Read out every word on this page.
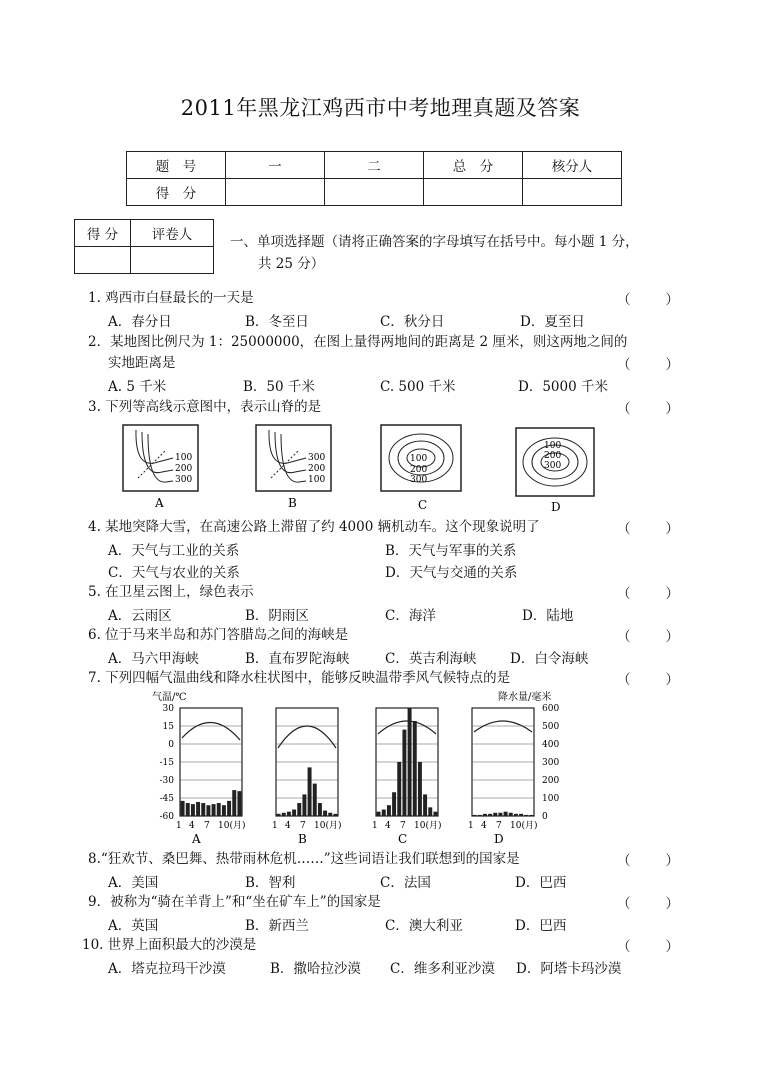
2011年黑龙江鸡西市中考地理真题及答案
题　号	一	二	总　分	核分人
得　分				
得 分	评卷人
		一、单项选择题（请将正确答案的字母填写在括号中。每小题 1 分，
共 25 分）
1. 鸡西市白昼最长的一天是	（	）
A．春分日	B．冬至日	C．秋分日	D．夏至日
2．某地图比例尺为 1：25000000，在图上量得两地间的距离是 2 厘米，则这两地之间的
实地距离是	（	）
A. 5 千米	B．50 千米	C. 500 千米	D．5000 千米
3. 下列等高线示意图中，表示山脊的是	（	）
100
200
300
A
300
200
100
B
100
200
300
C
100
200
300
D
4. 某地突降大雪，在高速公路上滞留了约 4000 辆机动车。这个现象说明了	（	）
A．天气与工业的关系	B．天气与军事的关系
C．天气与农业的关系	D．天气与交通的关系
5. 在卫星云图上，绿色表示	（	）
A．云雨区	B．阴雨区	C．海洋	D．陆地
6. 位于马来半岛和苏门答腊岛之间的海峡是	（	）
A．马六甲海峡	B．直布罗陀海峡	C．英吉利海峡 D．白令海峡
7. 下列四幅气温曲线和降水柱状图中，能够反映温带季风气候特点的是	（	）
气温/℃	降水量/毫米
30
15
0
-15
-30
-45
-60
600
500
400
300
200
100
0
1 4 7 10(月)
A
1 4 7 10(月)
B
1 4 7 10(月)
C
1 4 7 10(月)
D
8.“狂欢节、桑巴舞、热带雨林危机……”这些词语让我们联想到的国家是	（	）
A．美国	B．智利	C．法国	D．巴西
9．被称为“骑在羊背上”和“坐在矿车上”的国家是	（	）
A．英国	B．新西兰	C．澳大利亚	D．巴西
10. 世界上面积最大的沙漠是	（	）
A．塔克拉玛干沙漠	B．撒哈拉沙漠 C．维多利亚沙漠 D．阿塔卡玛沙漠
